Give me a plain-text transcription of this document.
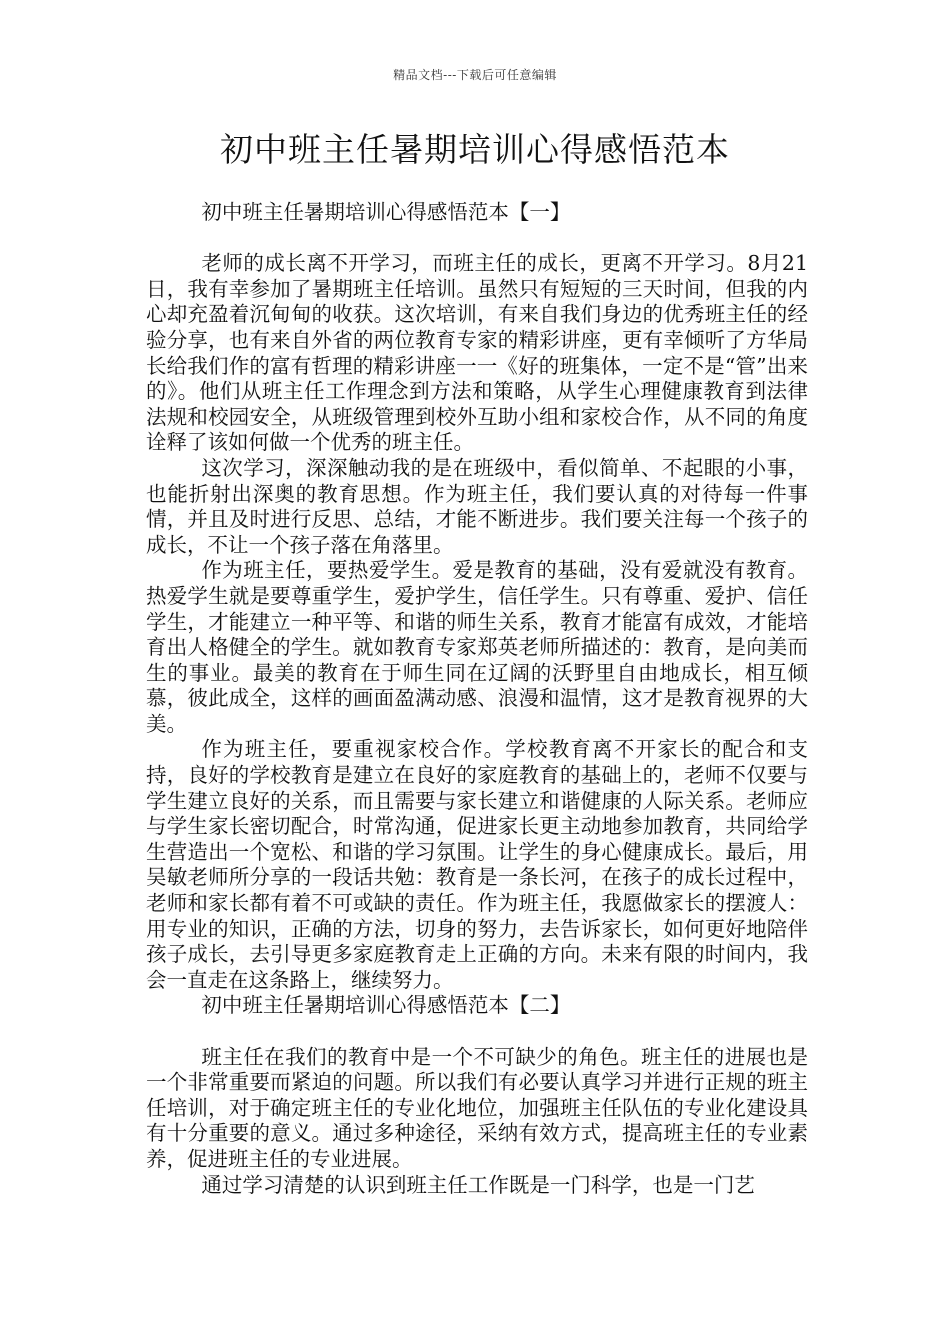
精品文档---下载后可任意编辑
初中班主任暑期培训心得感悟范本
初中班主任暑期培训心得感悟范本【一】

老师的成长离不开学习，而班主任的成长，更离不开学习。8月21日，我有幸参加了暑期班主任培训。虽然只有短短的三天时间，但我的内心却充盈着沉甸甸的收获。这次培训，有来自我们身边的优秀班主任的经验分享，也有来自外省的两位教育专家的精彩讲座，更有幸倾听了方华局长给我们作的富有哲理的精彩讲座一一《好的班集体，一定不是“管”出来的》。他们从班主任工作理念到方法和策略，从学生心理健康教育到法律法规和校园安全，从班级管理到校外互助小组和家校合作，从不同的角度诠释了该如何做一个优秀的班主任。

这次学习，深深触动我的是在班级中，看似简单、不起眼的小事，也能折射出深奥的教育思想。作为班主任，我们要认真的对待每一件事情，并且及时进行反思、总结，才能不断进步。我们要关注每一个孩子的成长，不让一个孩子落在角落里。

作为班主任，要热爱学生。爱是教育的基础，没有爱就没有教育。热爱学生就是要尊重学生，爱护学生，信任学生。只有尊重、爱护、信任学生，才能建立一种平等、和谐的师生关系，教育才能富有成效，才能培育出人格健全的学生。就如教育专家郑英老师所描述的：教育，是向美而生的事业。最美的教育在于师生同在辽阔的沃野里自由地成长，相互倾慕，彼此成全，这样的画面盈满动感、浪漫和温情，这才是教育视界的大美。

作为班主任，要重视家校合作。学校教育离不开家长的配合和支持，良好的学校教育是建立在良好的家庭教育的基础上的，老师不仅要与学生建立良好的关系，而且需要与家长建立和谐健康的人际关系。老师应与学生家长密切配合，时常沟通，促进家长更主动地参加教育，共同给学生营造出一个宽松、和谐的学习氛围。让学生的身心健康成长。最后，用吴敏老师所分享的一段话共勉：教育是一条长河，在孩子的成长过程中，老师和家长都有着不可或缺的责任。作为班主任，我愿做家长的摆渡人：用专业的知识，正确的方法，切身的努力，去告诉家长，如何更好地陪伴孩子成长，去引导更多家庭教育走上正确的方向。未来有限的时间内，我会一直走在这条路上，继续努力。

初中班主任暑期培训心得感悟范本【二】

班主任在我们的教育中是一个不可缺少的角色。班主任的进展也是一个非常重要而紧迫的问题。所以我们有必要认真学习并进行正规的班主任培训，对于确定班主任的专业化地位，加强班主任队伍的专业化建设具有十分重要的意义。通过多种途径，采纳有效方式，提高班主任的专业素养，促进班主任的专业进展。

通过学习清楚的认识到班主任工作既是一门科学，也是一门艺
